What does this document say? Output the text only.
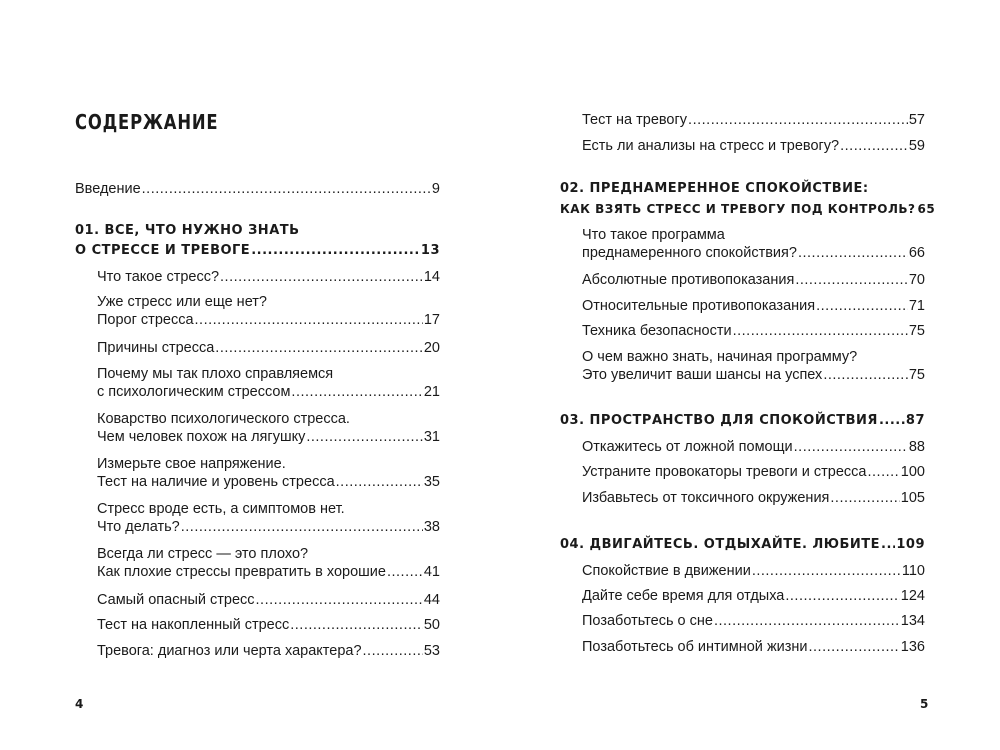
СОДЕРЖАНИЕ
Введение .....	9
01. ВСЕ, ЧТО НУЖНО ЗНАТЬ
О СТРЕССЕ И ТРЕВОГЕ .....	13
Что такое стресс? .....	14
Уже стресс или еще нет?
Порог стресса .....	17
Причины стресса .....	20
Почему мы так плохо справляемся
с психологическим стрессом .....	21
Коварство психологического стресса.
Чем человек похож на лягушку .....	31
Измерьте свое напряжение.
Тест на наличие и уровень стресса .....	35
Стресс вроде есть, а симптомов нет.
Что делать? .....	38
Всегда ли стресс — это плохо?
Как плохие стрессы превратить в хорошие .....	41
Самый опасный стресс .....	44
Тест на накопленный стресс .....	50
Тревога: диагноз или черта характера? .....	53
4
Тест на тревогу .....	57
Есть ли анализы на стресс и тревогу? .....	59
02. ПРЕДНАМЕРЕННОЕ СПОКОЙСТВИЕ:
КАК ВЗЯТЬ СТРЕСС И ТРЕВОГУ ПОД КОНТРОЛЬ? 65
Что такое программа
преднамеренного спокойствия? .....	66
Абсолютные противопоказания .....	70
Относительные противопоказания .....	71
Техника безопасности .....	75
О чем важно знать, начиная программу?
Это увеличит ваши шансы на успех .....	75
03. ПРОСТРАНСТВО ДЛЯ СПОКОЙСТВИЯ ..... 87
Откажитесь от ложной помощи .....	88
Устраните провокаторы тревоги и стресса ..... 100
Избавьтесь от токсичного окружения .....	105
04. ДВИГАЙТЕСЬ. ОТДЫХАЙТЕ. ЛЮБИТЕ ..... 109
Спокойствие в движении .....	110
Дайте себе время для отдыха .....	124
Позаботьтесь о сне .....	134
Позаботьтесь об интимной жизни .....	136
5
